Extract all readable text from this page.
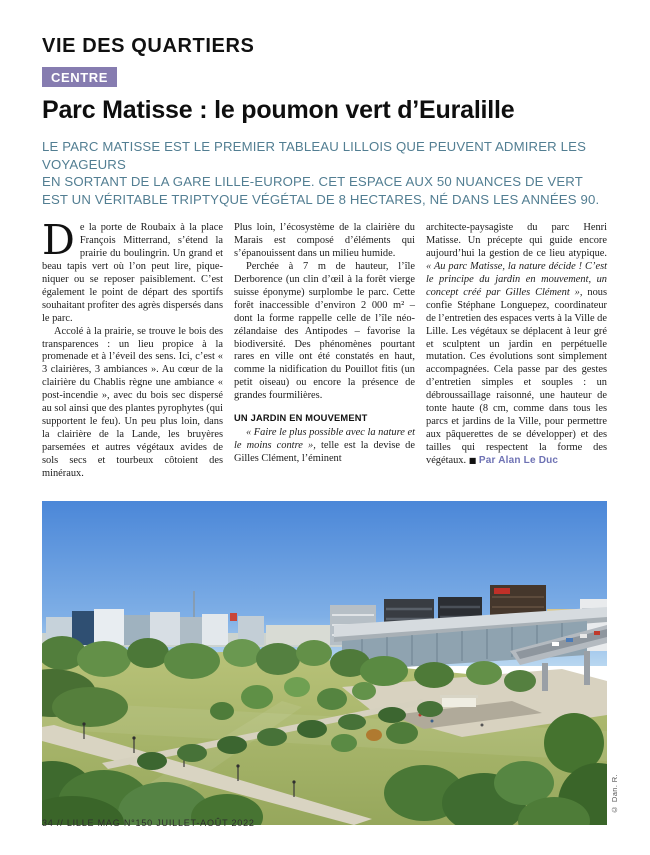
VIE DES QUARTIERS
CENTRE
Parc Matisse : le poumon vert d’Euralille
LE PARC MATISSE EST LE PREMIER TABLEAU LILLOIS QUE PEUVENT ADMIRER LES VOYAGEURS
EN SORTANT DE LA GARE LILLE-EUROPE. CET ESPACE AUX 50 NUANCES DE VERT
EST UN VÉRITABLE TRIPTYQUE VÉGÉTAL DE 8 HECTARES, NÉ DANS LES ANNÉES 90.

De la porte de Roubaix à la place François Mitterrand, s’étend la prairie du boulingrin. Un grand et beau tapis vert où l’on peut lire, pique-niquer ou se reposer paisiblement. C’est également le point de départ des sportifs souhaitant profiter des agrès dispersés dans le parc.

Accolé à la prairie, se trouve le bois des transparences : un lieu propice à la promenade et à l’éveil des sens. Ici, c’est « 3 clairières, 3 ambiances ». Au cœur de la clairière du Chablis règne une ambiance « post-incendie », avec du bois sec dispersé au sol ainsi que des plantes pyrophytes (qui supportent le feu). Un peu plus loin, dans la clairière de la Lande, les bruyères parsemées et autres végétaux avides de sols secs et tourbeux côtoient des minéraux.

Plus loin, l’écosystème de la clairière du Marais est composé d’éléments qui s’épanouissent dans un milieu humide.

Perchée à 7 m de hauteur, l’île Derborence (un clin d’œil à la forêt vierge suisse éponyme) surplombe le parc. Cette forêt inaccessible d’environ 2 000 m² – dont la forme rappelle celle de l’île néo-zélandaise des Antipodes – favorise la biodiversité. Des phénomènes pourtant rares en ville ont été constatés en haut, comme la nidification du Pouillot fitis (un petit oiseau) ou encore la présence de grandes fourmilières.

UN JARDIN EN MOUVEMENT

« Faire le plus possible avec la nature et le moins contre », telle est la devise de Gilles Clément, l’éminent

architecte-paysagiste du parc Henri Matisse. Un précepte qui guide encore aujourd’hui la gestion de ce lieu atypique. « Au parc Matisse, la nature décide ! C’est le principe du jardin en mouvement, un concept créé par Gilles Clément », nous confie Stéphane Longuepez, coordinateur de l’entretien des espaces verts à la Ville de Lille. Les végétaux se déplacent à leur gré et sculptent un jardin en perpétuelle mutation. Ces évolutions sont simplement accompagnées. Cela passe par des gestes d’entretien simples et souples : un débroussaillage raisonné, une hauteur de tonte haute (8 cm, comme dans tous les parcs et jardins de la Ville, pour permettre aux pâquerettes de se développer) et des tailles qui respectent la forme des végétaux. ■ Par Alan Le Duc

© Dan. R.
34 // LILLE MAG N°150 JUILLET-AOÛT 2022
